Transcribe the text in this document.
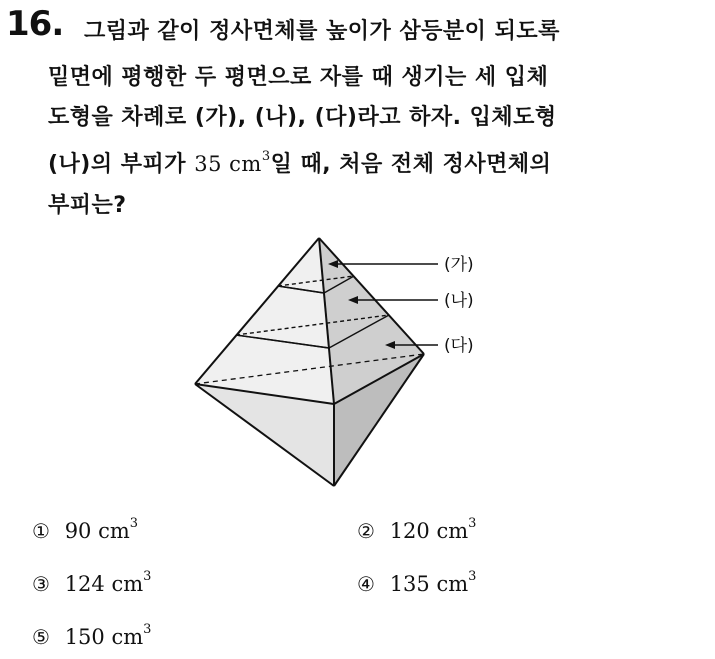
16. 그림과 같이 정사면체를 높이가 삼등분이 되도록
밑면에 평행한 두 평면으로 자를 때 생기는 세 입체
도형을 차례로 (가), (나), (다)라고 하자. 입체도형
(나)의 부피가 35 $cm^3$일 때, 처음 전체 정사면체의
부피는?
(가)
(나)
(다)
① 90 $cm^3$	② 120 $cm^3$
③ 124 $cm^3$	④ 135 $cm^3$
⑤ 150 $cm^3$
